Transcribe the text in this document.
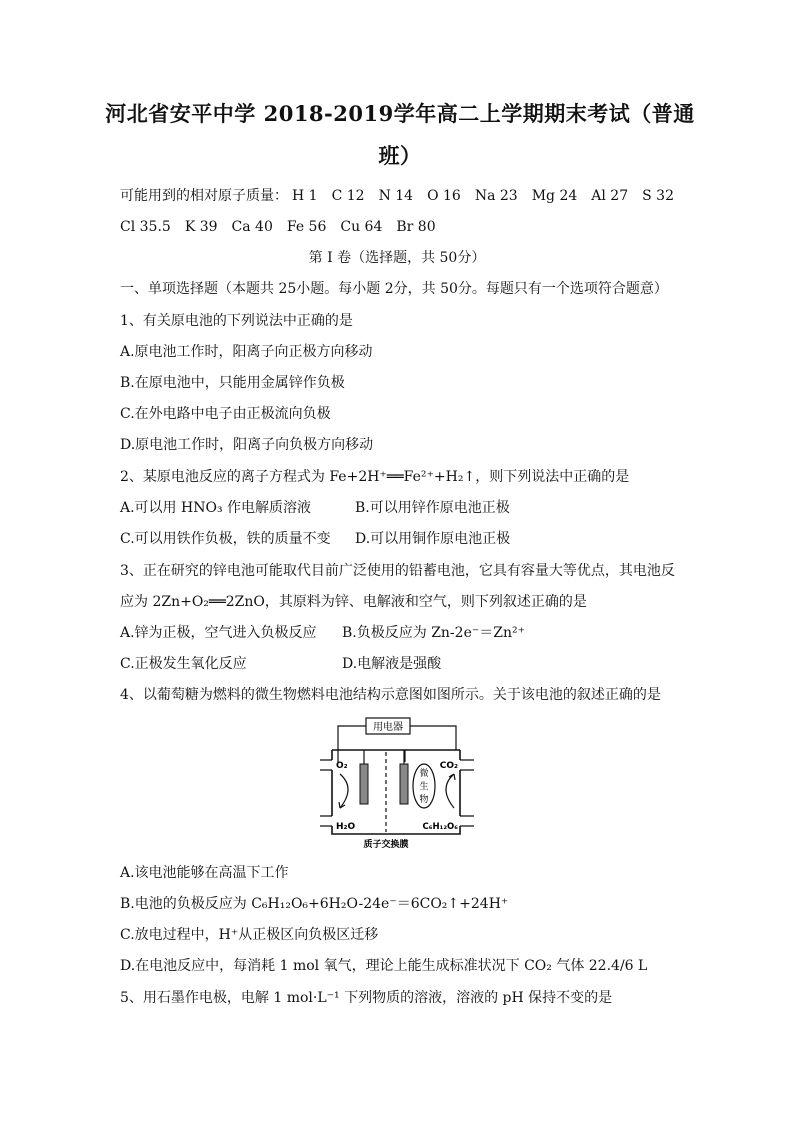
河北省安平中学 2018-2019学年高二上学期期末考试（普通
班）
可能用到的相对原子质量： H 1 C 12 N 14 O 16 Na 23 Mg 24 Al 27 S 32
Cl 35.5 K 39 Ca 40 Fe 56 Cu 64 Br 80
第 I 卷（选择题，共 50分）
一、单项选择题（本题共 25小题。每小题 2分，共 50分。每题只有一个选项符合题意）
1、有关原电池的下列说法中正确的是
A.原电池工作时，阳离子向正极方向移动
B.在原电池中，只能用金属锌作负极
C.在外电路中电子由正极流向负极
D.原电池工作时，阳离子向负极方向移动
2、某原电池反应的离子方程式为 Fe+2H⁺══Fe²⁺+H₂↑，则下列说法中正确的是
A.可以用 HNO₃ 作电解质溶液	B.可以用锌作原电池正极
C.可以用铁作负极，铁的质量不变 D.可以用铜作原电池正极
3、正在研究的锌电池可能取代目前广泛使用的铅蓄电池，它具有容量大等优点，其电池反
应为 2Zn+O₂══2ZnO，其原料为锌、电解液和空气，则下列叙述正确的是
A.锌为正极，空气进入负极反应 B.负极反应为 Zn-2e⁻＝Zn²⁺
C.正极发生氧化反应	D.电解液是强酸
4、以葡萄糖为燃料的微生物燃料电池结构示意图如图所示。关于该电池的叙述正确的是
用电器
微
生
物
O₂
H₂O
CO₂
C₆H₁₂O₆
质子交换膜
A.该电池能够在高温下工作
B.电池的负极反应为 C₆H₁₂O₆+6H₂O-24e⁻＝6CO₂↑+24H⁺
C.放电过程中，H⁺从正极区向负极区迁移
D.在电池反应中，每消耗 1 mol 氧气，理论上能生成标准状况下 CO₂ 气体 22.4/6 L
5、用石墨作电极，电解 1 mol·L⁻¹ 下列物质的溶液，溶液的 pH 保持不变的是
